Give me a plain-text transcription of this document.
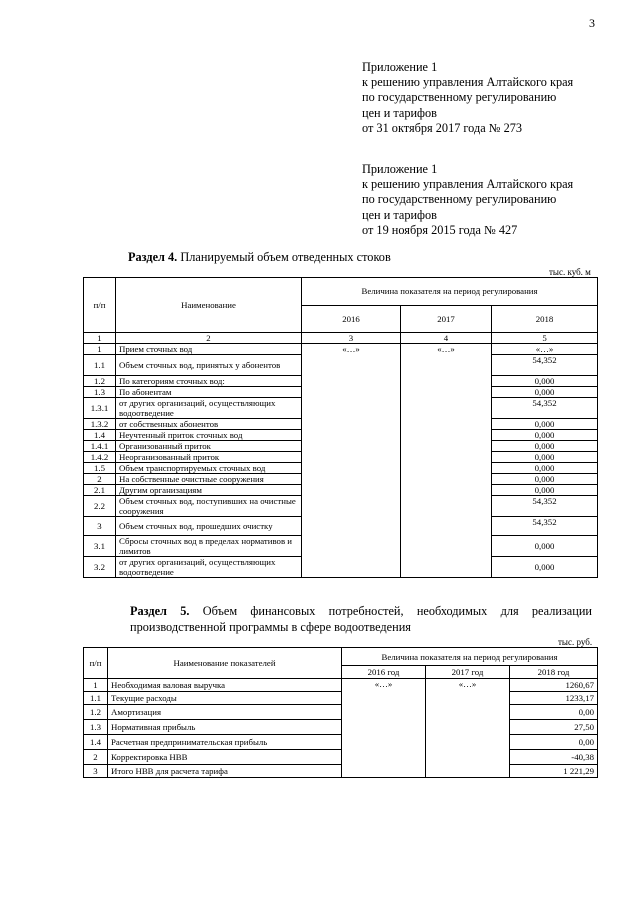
3
Приложение 1
к решению управления Алтайского края
по государственному регулированию
цен и тарифов
от 31 октября 2017 года № 273
Приложение 1
к решению управления Алтайского края
по государственному регулированию
цен и тарифов
от 19 ноября 2015 года № 427
Раздел 4. Планируемый объем отведенных стоков
тыс. куб. м
п/п	Наименование	Величина показателя на период регулирования		
		2016	2017	2018
1	2	3	4	5
1	Прием сточных вод	«…»	«…»	«…»
1.1	Объем сточных вод, принятых у абонентов			54,352
1.2	По категориям сточных вод:			0,000
1.3	По абонентам			0,000
1.3.1	от других организаций, осуществляющих водоотведение			54,352
1.3.2	от собственных абонентов			0,000
1.4	Неучтенный приток сточных вод			0,000
1.4.1	Организованный приток			0,000
1.4.2	Неорганизованный приток			0,000
1.5	Объем транспортируемых сточных вод			0,000
2	На собственные очистные сооружения			0,000
2.1	Другим организациям			0,000
2.2	Объем сточных вод, поступивших на очистные сооружения			54,352
3	Объем сточных вод, прошедших очистку			54,352
3.1	Сбросы сточных вод в пределах нормативов и лимитов			0,000
3.2	от других организаций, осуществляющих водоотведение			0,000
Раздел 5. Объем финансовых потребностей, необходимых для реализации производственной программы в сфере водоотведения
тыс. руб.
п/п	Наименование показателей	Величина показателя на период регулирования		
		2016 год	2017 год	2018 год
1	Необходимая валовая выручка	«…»	«…»	1260,67
1.1	Текущие расходы			1233,17
1.2	Амортизация			0,00
1.3	Нормативная прибыль			27,50
1.4	Расчетная предпринимательская прибыль			0,00
2	Корректировка НВВ			-40,38
3	Итого НВВ для расчета тарифа			1 221,29
